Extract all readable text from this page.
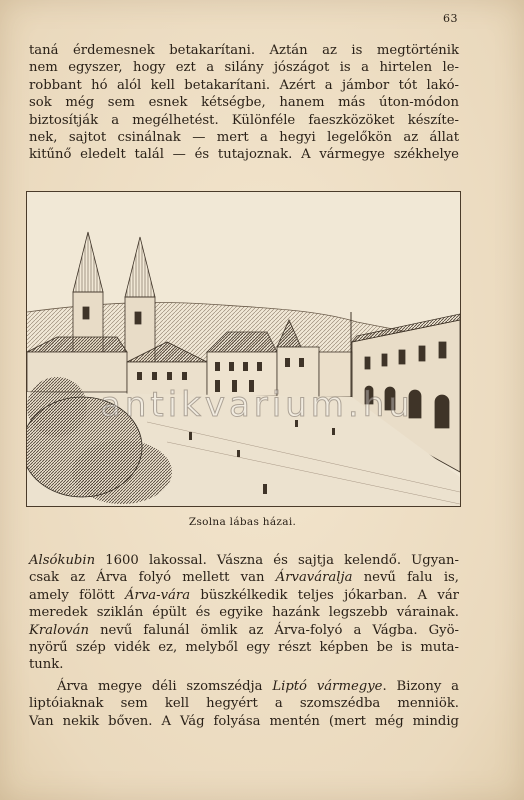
63

taná érdemesnek betakarítani. Aztán az is megtörténik
nem egyszer, hogy ezt a silány jószágot is a hirtelen le-
robbant hó alól kell betakarítani. Azért a jámbor tót lakó-
sok még sem esnek kétségbe, hanem más úton-módon
biztosítják a megélhetést. Különféle faeszközöket készíte-
nek, sajtot csinálnak — mert a hegyi legelőkön az állat
kitűnő eledelt talál — és tutajoznak. A vármegye székhelye

antikvarium.hu
Zsolna lábas házai.

Alsókubin 1600 lakossal. Vászna és sajtja kelendő. Ugyan-
csak az Árva folyó mellett van Árvaváralja nevű falu is,
amely fölött Árva-vára büszkélkedik teljes jókarban. A vár
meredek sziklán épült és egyike hazánk legszebb várainak.
Kralován nevű falunál ömlik az Árva-folyó a Vágba. Gyö-
nyörű szép vidék ez, melyből egy részt képben be is muta-
tunk.

Árva megye déli szomszédja Liptó vármegye. Bizony a
liptóiaknak sem kell hegyért a szomszédba menniök.
Van nekik bőven. A Vág folyása mentén (mert még mindig
